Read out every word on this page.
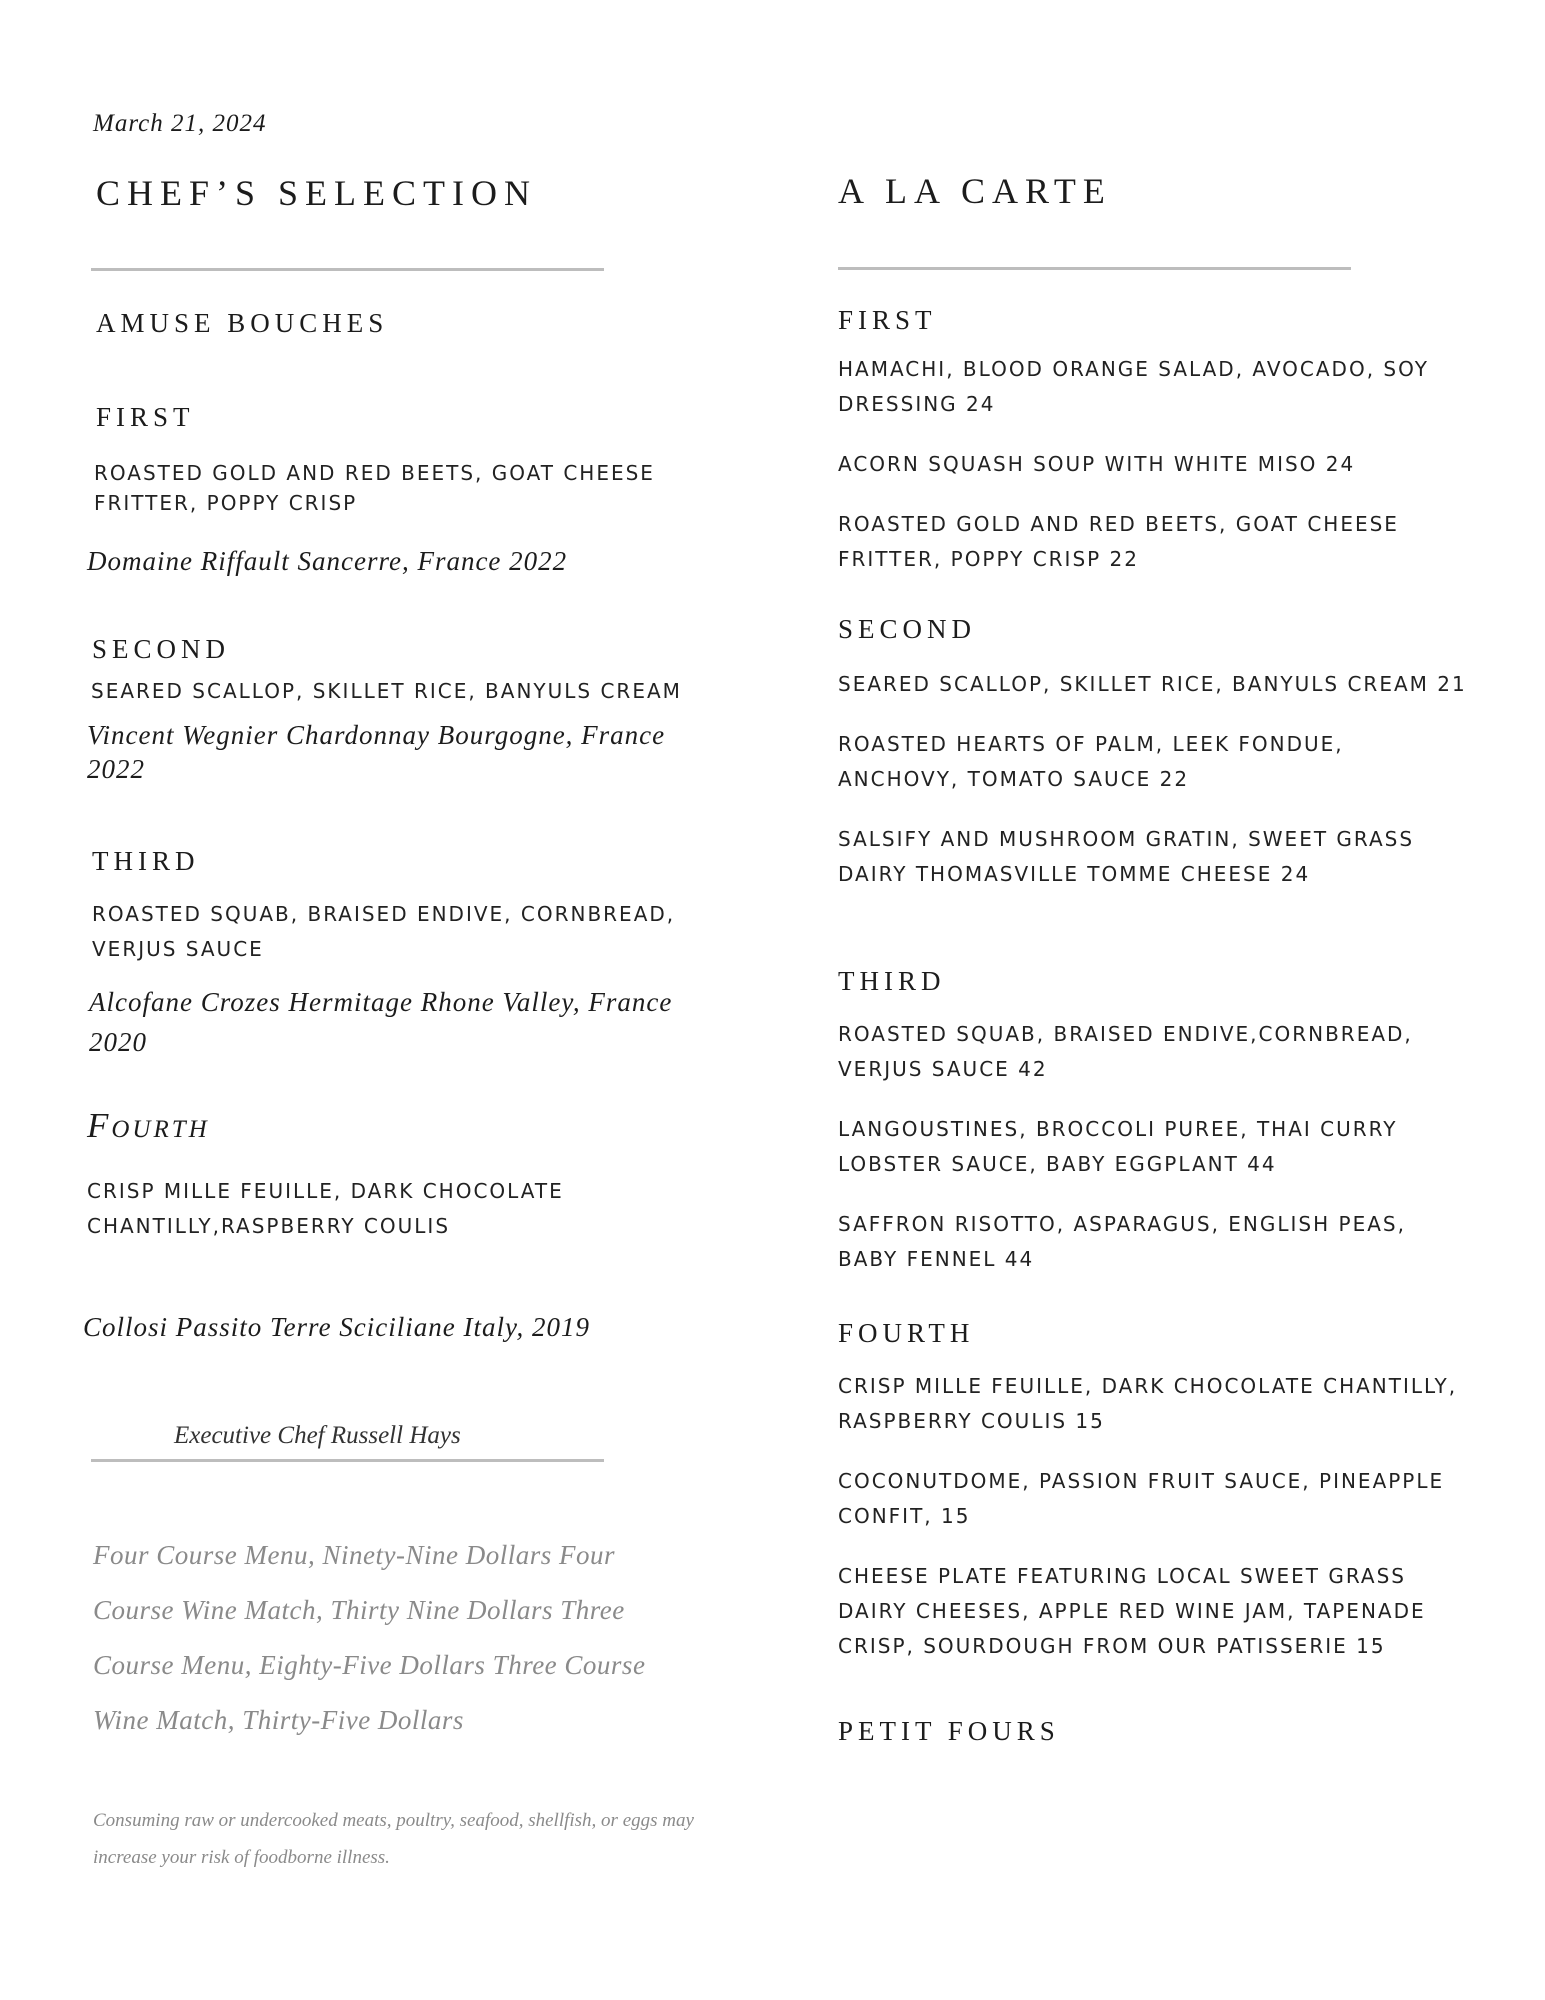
March 21, 2024
CHEF’S SELECTION
AMUSE BOUCHES
FIRST
ROASTED GOLD AND RED BEETS, GOAT CHEESE FRITTER, POPPY CRISP
Domaine Riffault Sancerre, France 2022
SECOND
SEARED SCALLOP, SKILLET RICE, BANYULS CREAM
Vincent Wegnier Chardonnay Bourgogne, France 2022
THIRD
ROASTED SQUAB, BRAISED ENDIVE, CORNBREAD, VERJUS SAUCE
Alcofane Crozes Hermitage Rhone Valley, France 2020
Fourth
CRISP MILLE FEUILLE, DARK CHOCOLATE CHANTILLY,RASPBERRY COULIS
Collosi Passito Terre Sciciliane Italy, 2019
Executive Chef Russell Hays
Four Course Menu, Ninety-Nine Dollars Four Course Wine Match, Thirty Nine Dollars Three Course Menu, Eighty-Five Dollars Three Course Wine Match, Thirty-Five Dollars
Consuming raw or undercooked meats, poultry, seafood, shellfish, or eggs may increase your risk of foodborne illness.
A LA CARTE
FIRST
HAMACHI, BLOOD ORANGE SALAD, AVOCADO, SOY DRESSING 24
ACORN SQUASH SOUP WITH WHITE MISO 24
ROASTED GOLD AND RED BEETS, GOAT CHEESE FRITTER, POPPY CRISP 22
SECOND
SEARED SCALLOP, SKILLET RICE, BANYULS CREAM 21
ROASTED HEARTS OF PALM, LEEK FONDUE, ANCHOVY, TOMATO SAUCE 22
SALSIFY AND MUSHROOM GRATIN, SWEET GRASS DAIRY THOMASVILLE TOMME CHEESE 24
THIRD
ROASTED SQUAB, BRAISED ENDIVE,CORNBREAD, VERJUS SAUCE 42
LANGOUSTINES, BROCCOLI PUREE, THAI CURRY LOBSTER SAUCE, BABY EGGPLANT 44
SAFFRON RISOTTO, ASPARAGUS, ENGLISH PEAS, BABY FENNEL 44
FOURTH
CRISP MILLE FEUILLE, DARK CHOCOLATE CHANTILLY, RASPBERRY COULIS 15
COCONUTDOME, PASSION FRUIT SAUCE, PINEAPPLE CONFIT, 15
CHEESE PLATE FEATURING LOCAL SWEET GRASS DAIRY CHEESES, APPLE RED WINE JAM, TAPENADE CRISP, SOURDOUGH FROM OUR PATISSERIE 15
PETIT FOURS
